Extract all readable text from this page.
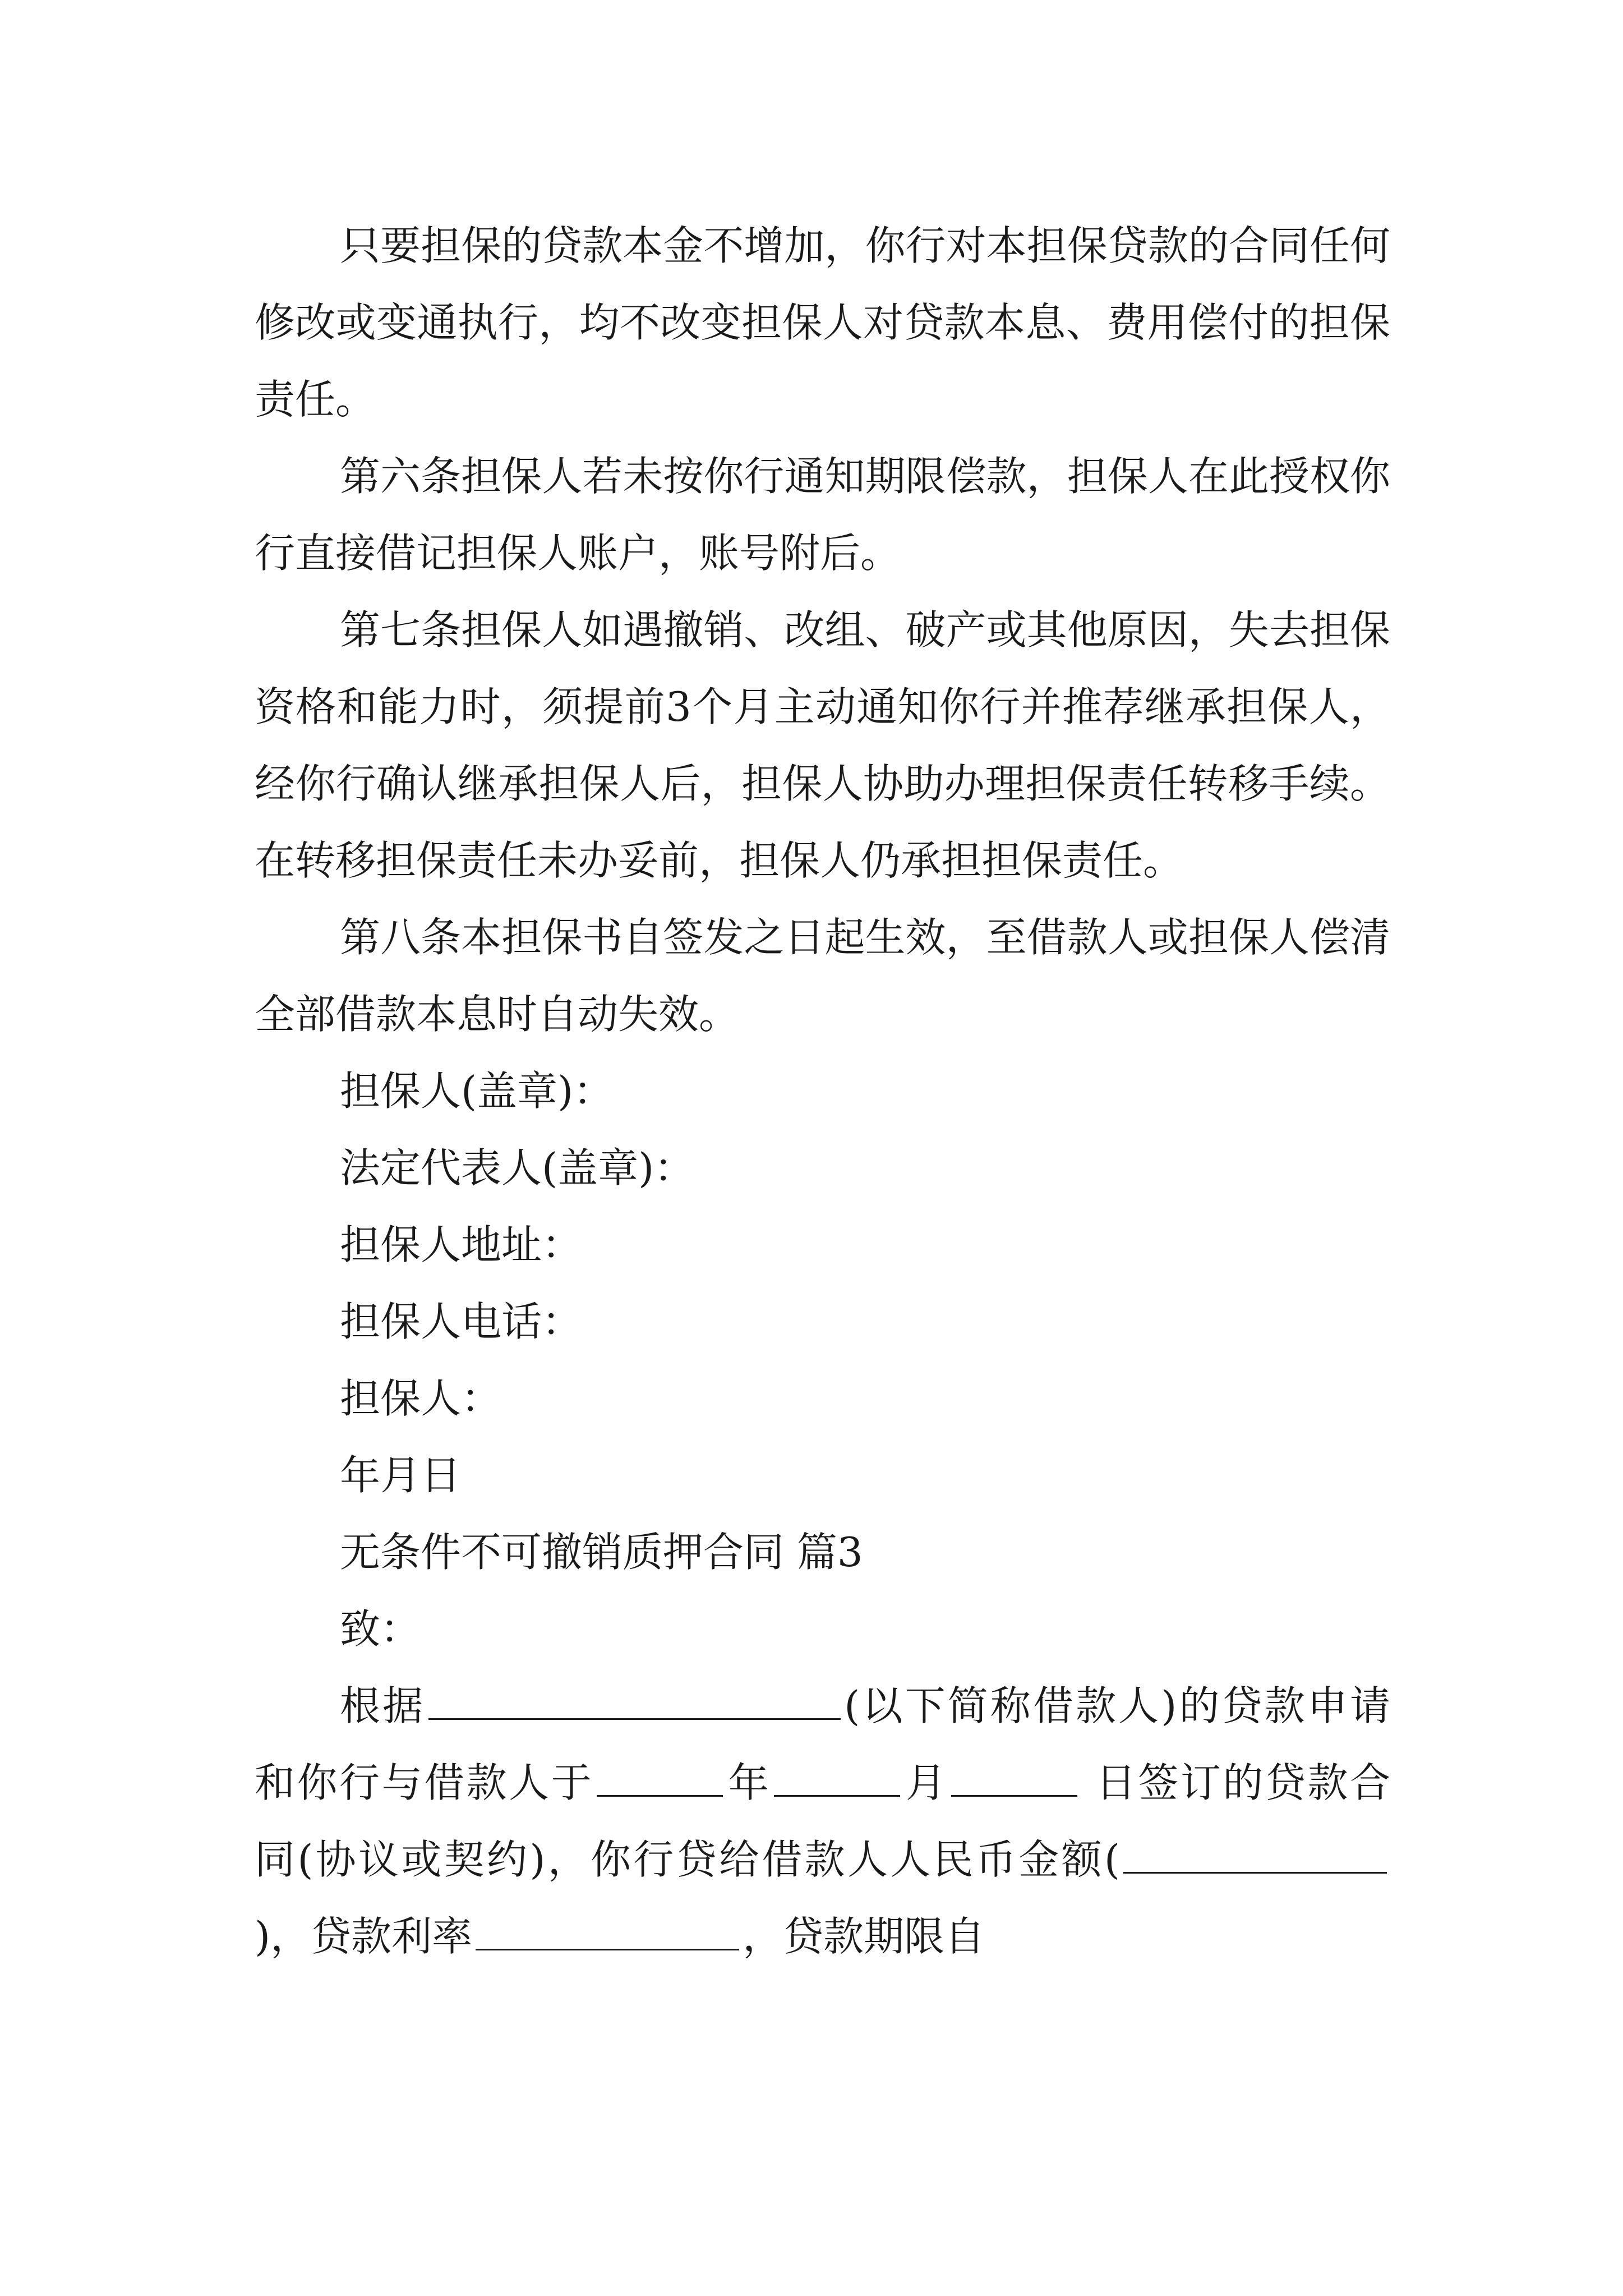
只要担保的贷款本金不增加，你行对本担保贷款的合同任何修改或变通执行，均不改变担保人对贷款本息、费用偿付的担保责任。

第六条担保人若未按你行通知期限偿款，担保人在此授权你行直接借记担保人账户，账号附后。

第七条担保人如遇撤销、改组、破产或其他原因，失去担保资格和能力时，须提前3个月主动通知你行并推荐继承担保人，经你行确认继承担保人后，担保人协助办理担保责任转移手续。在转移担保责任未办妥前，担保人仍承担担保责任。

第八条本担保书自签发之日起生效，至借款人或担保人偿清全部借款本息时自动失效。

担保人(盖章)：

法定代表人(盖章)：

担保人地址：

担保人电话：

担保人：

年月日

无条件不可撤销质押合同 篇3

致：

根据	(以下简称借款人)的贷款申请和你行与借款人于	年	月	日签订的贷款合同(协议或契约)，你行贷给借款人人民币金额()，贷款利率	，贷款期限自
